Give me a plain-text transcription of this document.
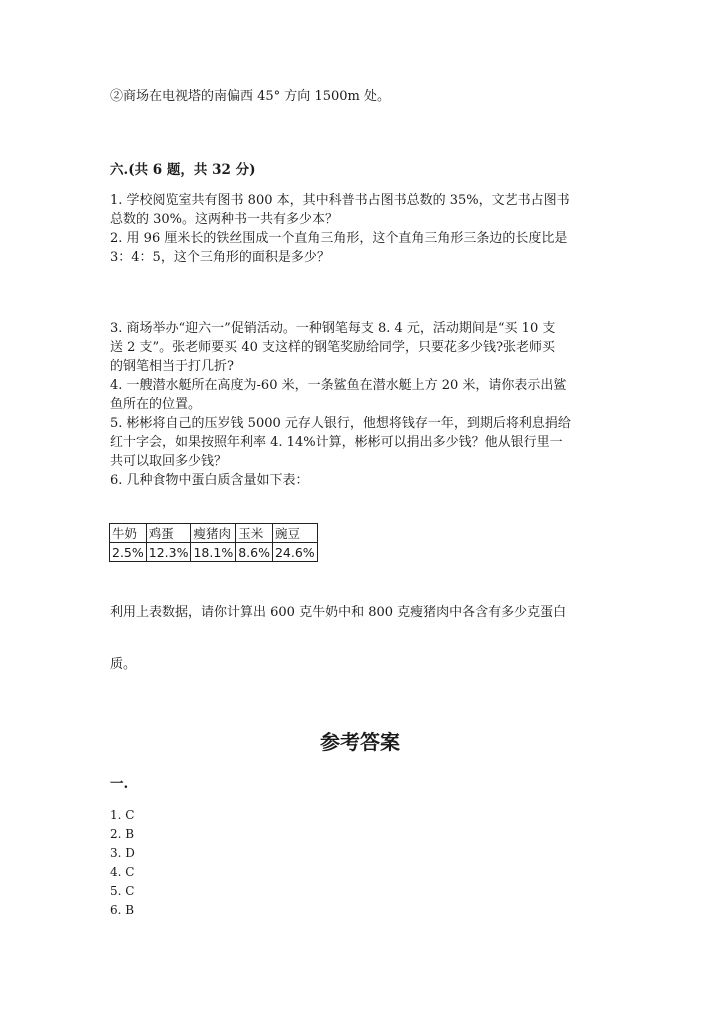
②商场在电视塔的南偏西 45° 方向 1500m 处。
六.(共 6 题，共 32 分)
1. 学校阅览室共有图书 800 本，其中科普书占图书总数的 35%，文艺书占图书
总数的 30%。这两种书一共有多少本？
2. 用 96 厘米长的铁丝围成一个直角三角形，这个直角三角形三条边的长度比是
3：4：5，这个三角形的面积是多少？
3. 商场举办“迎六一”促销活动。一种钢笔每支 8. 4 元，活动期间是“买 10 支
送 2 支”。张老师要买 40 支这样的钢笔奖励给同学，只要花多少钱?张老师买
的钢笔相当于打几折?
4. 一艘潜水艇所在高度为-60 米，一条鲨鱼在潜水艇上方 20 米，请你表示出鲨
鱼所在的位置。
5. 彬彬将自己的压岁钱 5000 元存人银行，他想将钱存一年，到期后将利息捐给
红十字会，如果按照年利率 4. 14%计算，彬彬可以捐出多少钱？他从银行里一
共可以取回多少钱？
6. 几种食物中蛋白质含量如下表：
牛奶	鸡蛋	瘦猪肉	玉米	豌豆
2.5%	12.3%	18.1%	8.6%	24.6%
利用上表数据，请你计算出 600 克牛奶中和 800 克瘦猪肉中各含有多少克蛋白
质。
参考答案
一.
1. C
2. B
3. D
4. C
5. C
6. B
